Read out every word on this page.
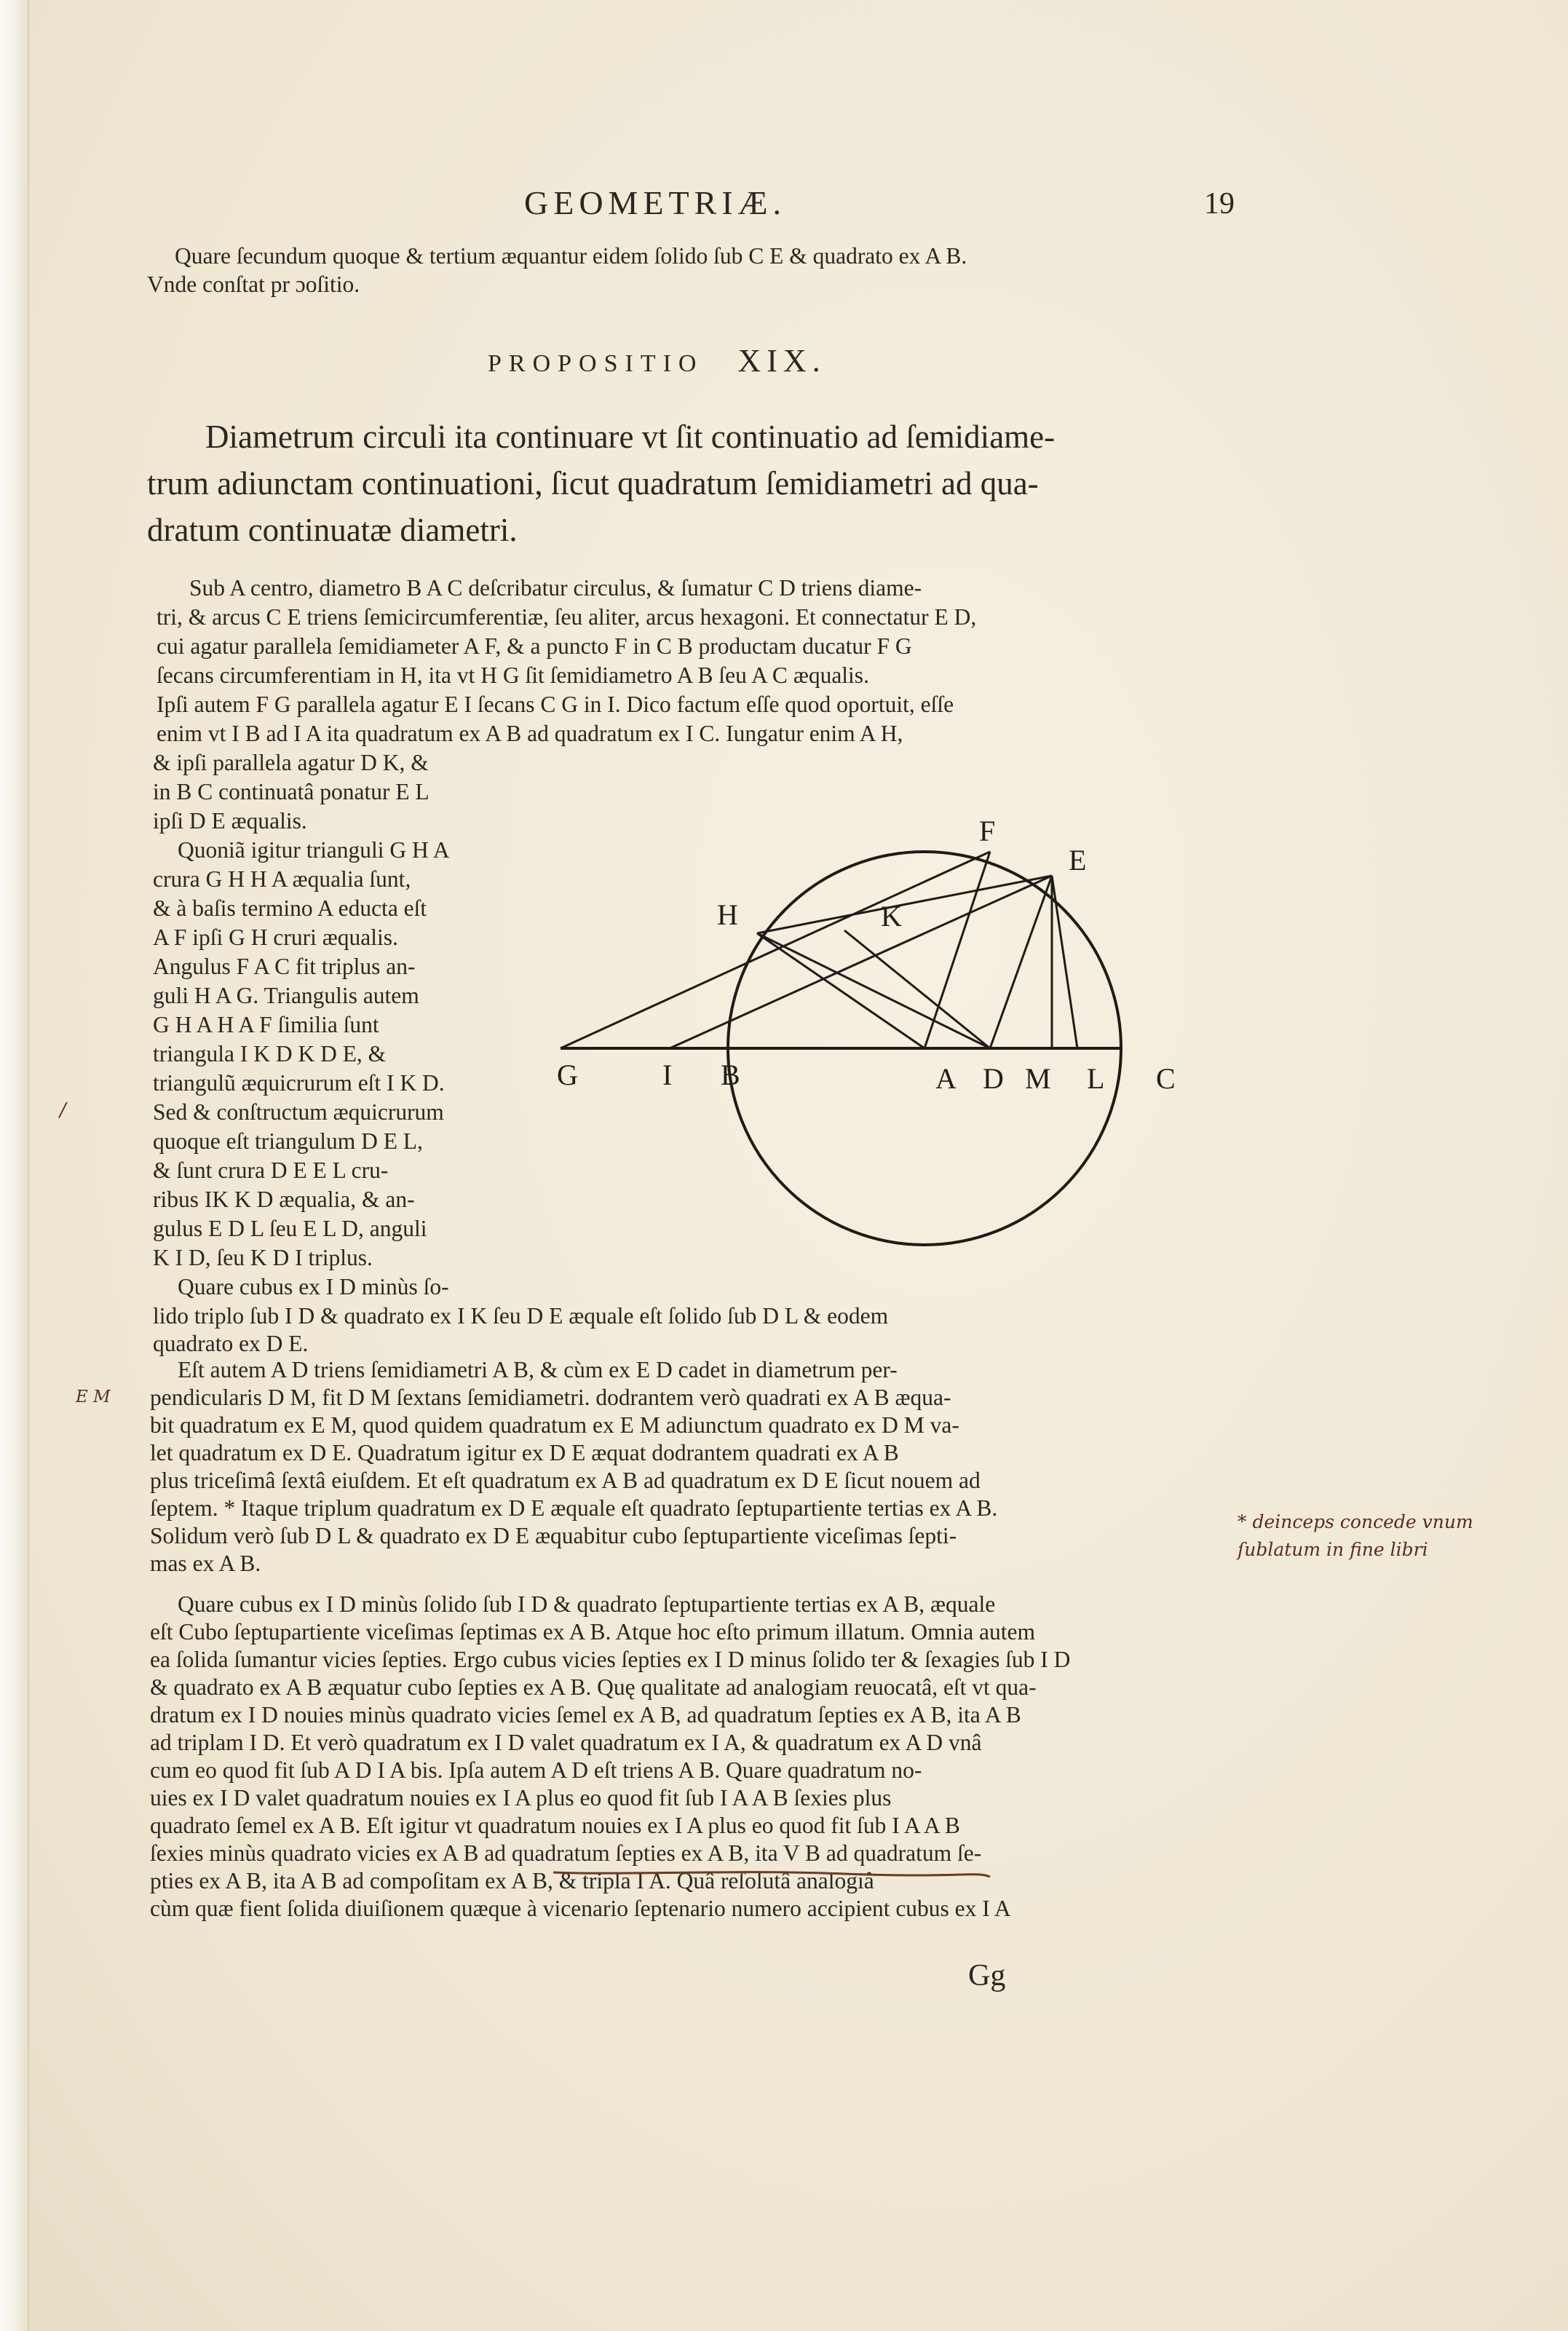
GEOMETRIÆ.	19
Quare ſecundum quoque & tertium æquantur eidem ſolido ſub C E & quadrato ex A B.
Vnde conſtat pr ɔoſitio.
PROPOSITIO XIX.
Diametrum circuli ita continuare vt ſit continuatio ad ſemidiame-
trum adiunctam continuationi, ſicut quadratum ſemidiametri ad qua-
dratum continuatæ diametri.
Sub A centro, diametro B A C deſcribatur circulus, & ſumatur C D triens diame-
tri, & arcus C E triens ſemicircumferentiæ, ſeu aliter, arcus hexagoni. Et connectatur E D,
cui agatur parallela ſemidiameter A F, & a puncto F in C B productam ducatur F G
ſecans circumferentiam in H, ita vt H G ſit ſemidiametro A B ſeu A C æqualis.
Ipſi autem F G parallela agatur E I ſecans C G in I. Dico factum eſſe quod oportuit, eſſe
enim vt I B ad I A ita quadratum ex A B ad quadratum ex I C. Iungatur enim A H,
& ipſi parallela agatur D K, &
in B C continuatâ ponatur E L
ipſi D E æqualis.
Quoniã igitur trianguli G H A
crura G H H A æqualia ſunt,
& à baſis termino A educta eſt
A F ipſi G H cruri æqualis.
Angulus F A C fit triplus an-
guli H A G. Triangulis autem
G H A H A F ſimilia ſunt
triangula I K D K D E, &
triangulũ æquicrurum eſt I K D.
Sed & conſtructum æquicrurum
quoque eſt triangulum D E L,
& ſunt crura D E E L cru-
ribus IK K D æqualia, & an-
gulus E D L ſeu E L D, anguli
K I D, ſeu K D I triplus.
Quare cubus ex I D minùs ſo-
lido triplo ſub I D & quadrato ex I K ſeu D E æquale eſt ſolido ſub D L & eodem
quadrato ex D E.
Eſt autem A D triens ſemidiametri A B, & cùm ex E D cadet in diametrum per-
pendicularis D M, fit D M ſextans ſemidiametri. dodrantem verò quadrati ex A B æqua-
bit quadratum ex E M, quod quidem quadratum ex E M adiunctum quadrato ex D M va-
let quadratum ex D E. Quadratum igitur ex D E æquat dodrantem quadrati ex A B
plus triceſimâ ſextâ eiuſdem. Et eſt quadratum ex A B ad quadratum ex D E ſicut nouem ad
ſeptem. * Itaque triplum quadratum ex D E æquale eſt quadrato ſeptupartiente tertias ex A B.
Solidum verò ſub D L & quadrato ex D E æquabitur cubo ſeptupartiente viceſimas ſepti-
mas ex A B.
Quare cubus ex I D minùs ſolido ſub I D & quadrato ſeptupartiente tertias ex A B, æquale
eſt Cubo ſeptupartiente viceſimas ſeptimas ex A B. Atque hoc eſto primum illatum. Omnia autem
ea ſolida ſumantur vicies ſepties. Ergo cubus vicies ſepties ex I D minus ſolido ter & ſexagies ſub I D
& quadrato ex A B æquatur cubo ſepties ex A B. Quę qualitate ad analogiam reuocatâ, eſt vt qua-
dratum ex I D nouies minùs quadrato vicies ſemel ex A B, ad quadratum ſepties ex A B, ita A B
ad triplam I D. Et verò quadratum ex I D valet quadratum ex I A, & quadratum ex A D vnâ
cum eo quod fit ſub A D I A bis. Ipſa autem A D eſt triens A B. Quare quadratum no-
uies ex I D valet quadratum nouies ex I A plus eo quod fit ſub I A A B ſexies plus
quadrato ſemel ex A B. Eſt igitur vt quadratum nouies ex I A plus eo quod fit ſub I A A B
ſexies minùs quadrato vicies ex A B ad quadratum ſepties ex A B, ita V B ad quadratum ſe-
pties ex A B, ita A B ad compoſitam ex A B, & tripla I A. Quâ reſolutâ analogiâ
cùm quæ fient ſolida diuiſionem quæque à vicenario ſeptenario numero accipient cubus ex I A
Gg
F
E
H	K
G	I B	A D M L C
E M
/
* deinceps concede vnum
ſublatum in fine libri
